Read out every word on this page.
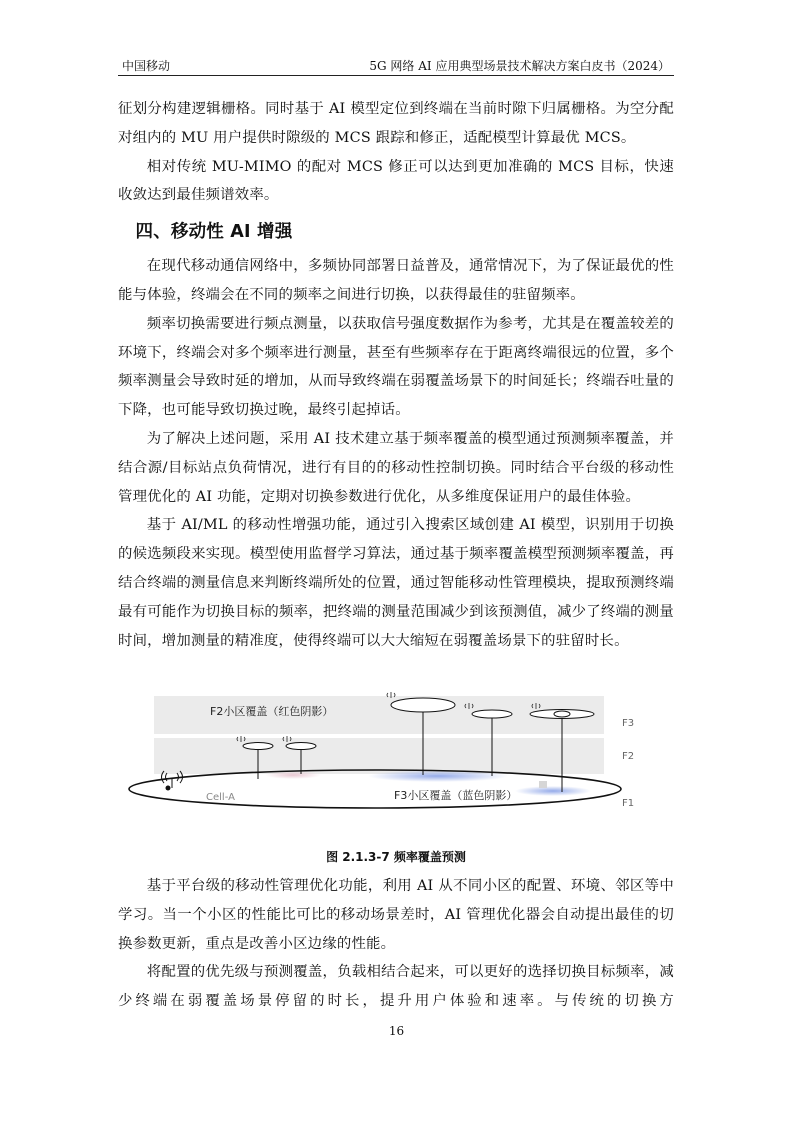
中国移动	5G 网络 AI 应用典型场景技术解决方案白皮书（2024）

征划分构建逻辑栅格。同时基于 AI 模型定位到终端在当前时隙下归属栅格。为空分配对组内的 MU 用户提供时隙级的 MCS 跟踪和修正，适配模型计算最优 MCS。

相对传统 MU-MIMO 的配对 MCS 修正可以达到更加准确的 MCS 目标，快速收敛达到最佳频谱效率。

四、移动性 AI 增强

在现代移动通信网络中，多频协同部署日益普及，通常情况下，为了保证最优的性能与体验，终端会在不同的频率之间进行切换，以获得最佳的驻留频率。

频率切换需要进行频点测量，以获取信号强度数据作为参考，尤其是在覆盖较差的环境下，终端会对多个频率进行测量，甚至有些频率存在于距离终端很远的位置，多个频率测量会导致时延的增加，从而导致终端在弱覆盖场景下的时间延长；终端吞吐量的下降，也可能导致切换过晚，最终引起掉话。

为了解决上述问题，采用 AI 技术建立基于频率覆盖的模型通过预测频率覆盖，并结合源/目标站点负荷情况，进行有目的的移动性控制切换。同时结合平台级的移动性管理优化的 AI 功能，定期对切换参数进行优化，从多维度保证用户的最佳体验。

基于 AI/ML 的移动性增强功能，通过引入搜索区域创建 AI 模型，识别用于切换的候选频段来实现。模型使用监督学习算法，通过基于频率覆盖模型预测频率覆盖，再结合终端的测量信息来判断终端所处的位置，通过智能移动性管理模块，提取预测终端最有可能作为切换目标的频率，把终端的测量范围减少到该预测值，减少了终端的测量时间，增加测量的精准度，使得终端可以大大缩短在弱覆盖场景下的驻留时长。

F3
F2
F1
F2小区覆盖（红色阴影）
Cell-A	F3小区覆盖（蓝色阴影）
图 2.1.3-7 频率覆盖预测

基于平台级的移动性管理优化功能，利用 AI 从不同小区的配置、环境、邻区等中学习。当一个小区的性能比可比的移动场景差时，AI 管理优化器会自动提出最佳的切换参数更新，重点是改善小区边缘的性能。

将配置的优先级与预测覆盖，负载相结合起来，可以更好的选择切换目标频率，减少终端在弱覆盖场景停留的时长，提升用户体验和速率。与传统的切换方

16
